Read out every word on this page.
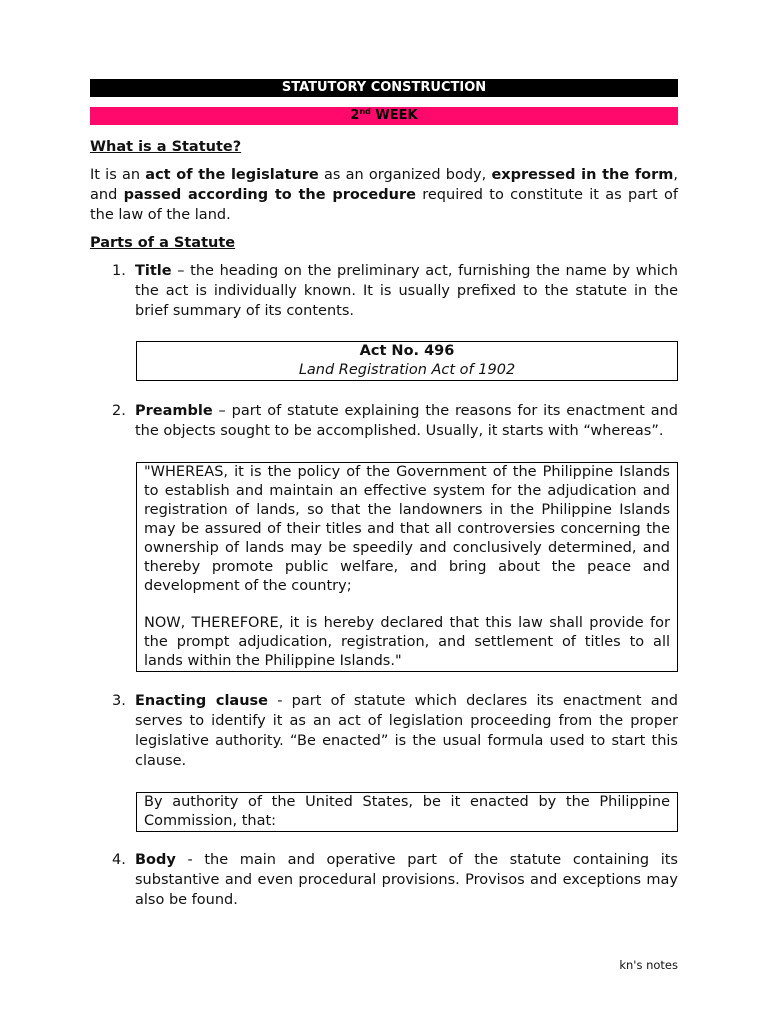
STATUTORY CONSTRUCTION
2nd WEEK
What is a Statute?

It is an act of the legislature as an organized body, expressed in the form, and passed according to the procedure required to constitute it as part of the law of the land.

Parts of a Statute
1. Title – the heading on the preliminary act, furnishing the name by which the act is individually known. It is usually prefixed to the statute in the brief summary of its contents.
Act No. 496
Land Registration Act of 1902
2. Preamble – part of statute explaining the reasons for its enactment and the objects sought to be accomplished. Usually, it starts with “whereas”.

"WHEREAS, it is the policy of the Government of the Philippine Islands to establish and maintain an effective system for the adjudication and registration of lands, so that the landowners in the Philippine Islands may be assured of their titles and that all controversies concerning the ownership of lands may be speedily and conclusively determined, and thereby promote public welfare, and bring about the peace and development of the country;

NOW, THEREFORE, it is hereby declared that this law shall provide for the prompt adjudication, registration, and settlement of titles to all lands within the Philippine Islands."

3. Enacting clause - part of statute which declares its enactment and serves to identify it as an act of legislation proceeding from the proper legislative authority. “Be enacted” is the usual formula used to start this clause.
By authority of the United States, be it enacted by the Philippine Commission, that:
4. Body - the main and operative part of the statute containing its substantive and even procedural provisions. Provisos and exceptions may also be found.
kn's notes
